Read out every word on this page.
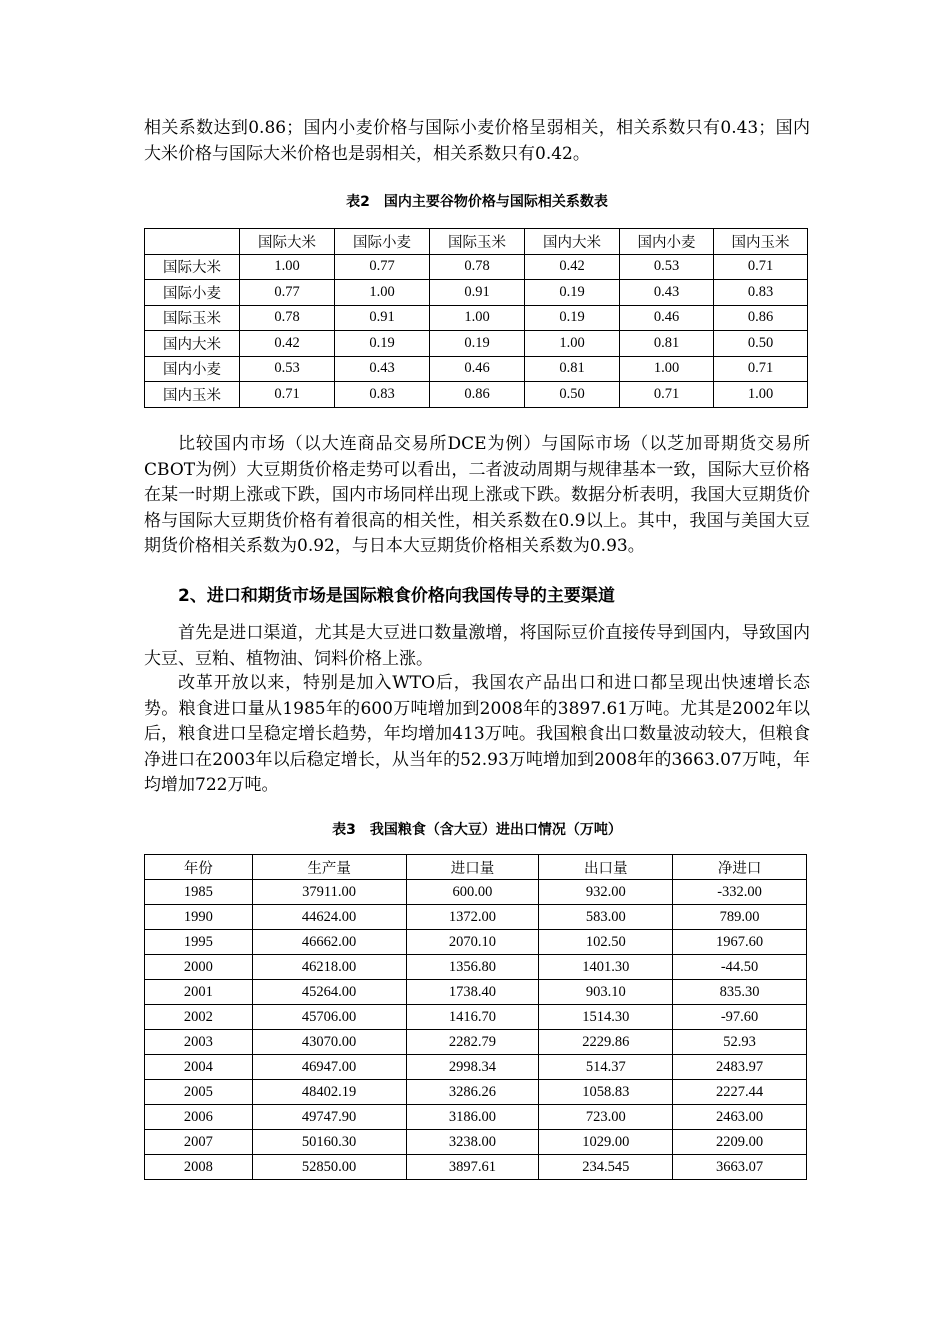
相关系数达到0.86；国内小麦价格与国际小麦价格呈弱相关，相关系数只有0.43；国内大米价格与国际大米价格也是弱相关，相关系数只有0.42。

表2　国内主要谷物价格与国际相关系数表

	国际大米	国际小麦	国际玉米	国内大米	国内小麦	国内玉米
国际大米	1.00	0.77	0.78	0.42	0.53	0.71
国际小麦	0.77	1.00	0.91	0.19	0.43	0.83
国际玉米	0.78	0.91	1.00	0.19	0.46	0.86
国内大米	0.42	0.19	0.19	1.00	0.81	0.50
国内小麦	0.53	0.43	0.46	0.81	1.00	0.71
国内玉米	0.71	0.83	0.86	0.50	0.71	1.00

比较国内市场（以大连商品交易所DCE为例）与国际市场（以芝加哥期货交易所CBOT为例）大豆期货价格走势可以看出，二者波动周期与规律基本一致，国际大豆价格在某一时期上涨或下跌，国内市场同样出现上涨或下跌。数据分析表明，我国大豆期货价格与国际大豆期货价格有着很高的相关性，相关系数在0.9以上。其中，我国与美国大豆期货价格相关系数为0.92，与日本大豆期货价格相关系数为0.93。

2、进口和期货市场是国际粮食价格向我国传导的主要渠道

首先是进口渠道，尤其是大豆进口数量激增，将国际豆价直接传导到国内，导致国内大豆、豆粕、植物油、饲料价格上涨。

改革开放以来，特别是加入WTO后，我国农产品出口和进口都呈现出快速增长态势。粮食进口量从1985年的600万吨增加到2008年的3897.61万吨。尤其是2002年以后，粮食进口呈稳定增长趋势，年均增加413万吨。我国粮食出口数量波动较大，但粮食净进口在2003年以后稳定增长，从当年的52.93万吨增加到2008年的3663.07万吨，年均增加722万吨。

表3　我国粮食（含大豆）进出口情况（万吨）

年份	生产量	进口量	出口量	净进口
1985	37911.00	600.00	932.00	-332.00
1990	44624.00	1372.00	583.00	789.00
1995	46662.00	2070.10	102.50	1967.60
2000	46218.00	1356.80	1401.30	-44.50
2001	45264.00	1738.40	903.10	835.30
2002	45706.00	1416.70	1514.30	-97.60
2003	43070.00	2282.79	2229.86	52.93
2004	46947.00	2998.34	514.37	2483.97
2005	48402.19	3286.26	1058.83	2227.44
2006	49747.90	3186.00	723.00	2463.00
2007	50160.30	3238.00	1029.00	2209.00
2008	52850.00	3897.61	234.545	3663.07
